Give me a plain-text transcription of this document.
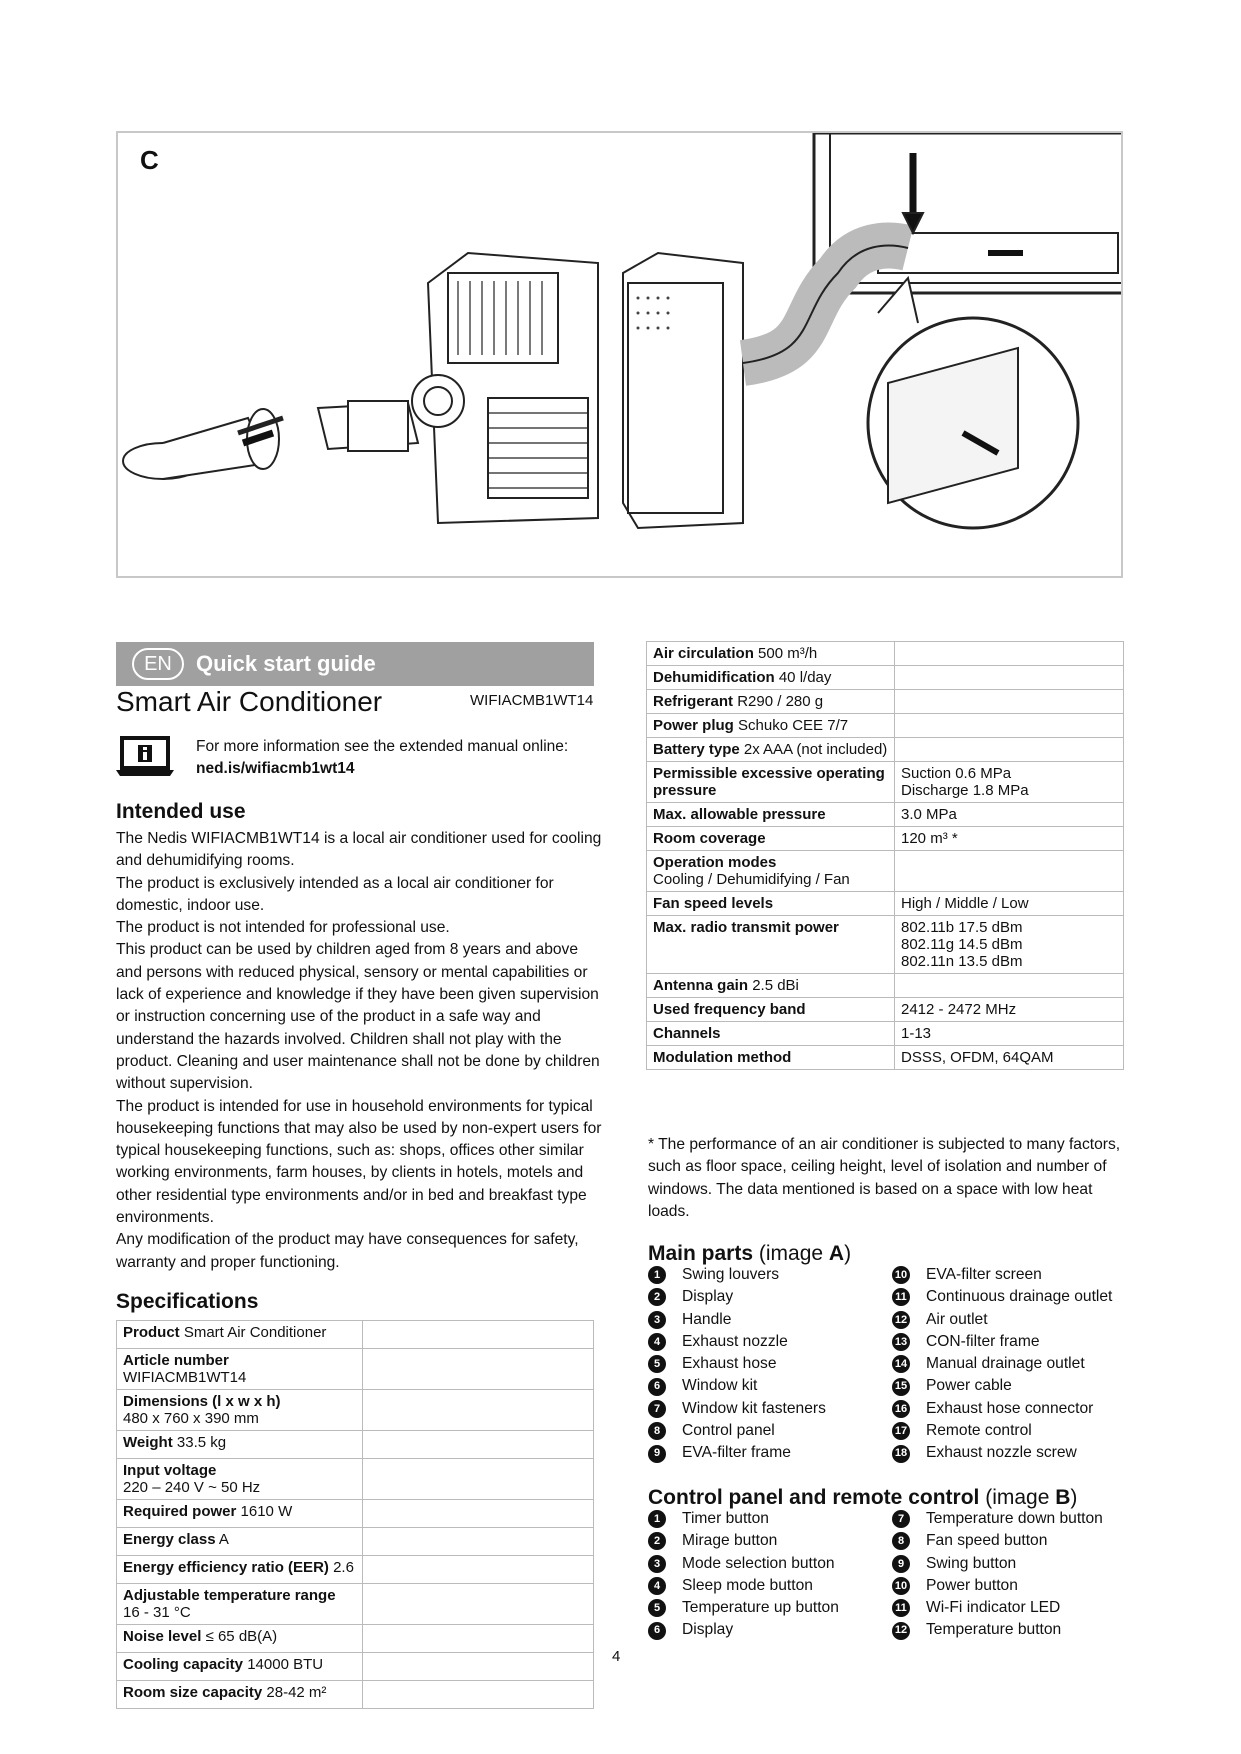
C
EN	Quick start guide
Smart Air Conditioner	WIFIACMB1WT14
For more information see the extended manual online:
ned.is/wifiacmb1wt14
Intended use

The Nedis WIFIACMB1WT14 is a local air conditioner used for cooling and dehumidifying rooms.

The product is exclusively intended as a local air conditioner for domestic, indoor use.

The product is not intended for professional use.

This product can be used by children aged from 8 years and above and persons with reduced physical, sensory or mental capabilities or lack of experience and knowledge if they have been given supervision or instruction concerning use of the product in a safe way and understand the hazards involved. Children shall not play with the product. Cleaning and user maintenance shall not be done by children without supervision.

The product is intended for use in household environments for typical housekeeping functions that may also be used by non-expert users for typical housekeeping functions, such as: shops, offices other similar working environments, farm houses, by clients in hotels, motels and other residential type environments and/or in bed and breakfast type environments.

Any modification of the product may have consequences for safety, warranty and proper functioning.

Specifications
Product Smart Air Conditioner	
Article number WIFIACMB1WT14	
Dimensions (l x w x h) 480 x 760 x 390 mm	
Weight 33.5 kg	
Input voltage 220 – 240 V ~ 50 Hz	
Required power 1610 W	
Energy class A	
Energy efficiency ratio (EER) 2.6	
Adjustable temperature range 16 - 31 °C	
Noise level ≤ 65 dB(A)	
Cooling capacity 14000 BTU	
Room size capacity 28-42 m²	
Air circulation 500 m³/h	
Dehumidification 40 l/day	
Refrigerant R290 / 280 g	
Power plug Schuko CEE 7/7	
Battery type 2x AAA (not included)	
Permissible excessive operating pressure	Suction 0.6 MPa
Discharge 1.8 MPa
Max. allowable pressure	3.0 MPa
Room coverage	120 m³ *
Operation modes Cooling / Dehumidifying / Fan	
Fan speed levels	High / Middle / Low
Max. radio transmit power	802.11b 17.5 dBm
802.11g 14.5 dBm
802.11n 13.5 dBm
Antenna gain 2.5 dBi	
Used frequency band	2412 - 2472 MHz
Channels	1-13
Modulation method	DSSS, OFDM, 64QAM
* The performance of an air conditioner is subjected to many factors, such as floor space, ceiling height, level of isolation and number of windows. The data mentioned is based on a space with low heat loads.
Main parts (image A)
1	Swing louvers
2	Display
3	Handle
4	Exhaust nozzle
5	Exhaust hose
6	Window kit
7	Window kit fasteners
8	Control panel
9	EVA-filter frame
10 EVA-filter screen
11 Continuous drainage outlet
12 Air outlet
13 CON-filter frame
14 Manual drainage outlet
15 Power cable
16 Exhaust hose connector
17 Remote control
18 Exhaust nozzle screw
Control panel and remote control (image B)
1	Timer button
2	Mirage button
3	Mode selection button
4	Sleep mode button
5	Temperature up button
6	Display
7	Temperature down button
8	Fan speed button
9	Swing button
10 Power button
11 Wi-Fi indicator LED
12 Temperature button
4
